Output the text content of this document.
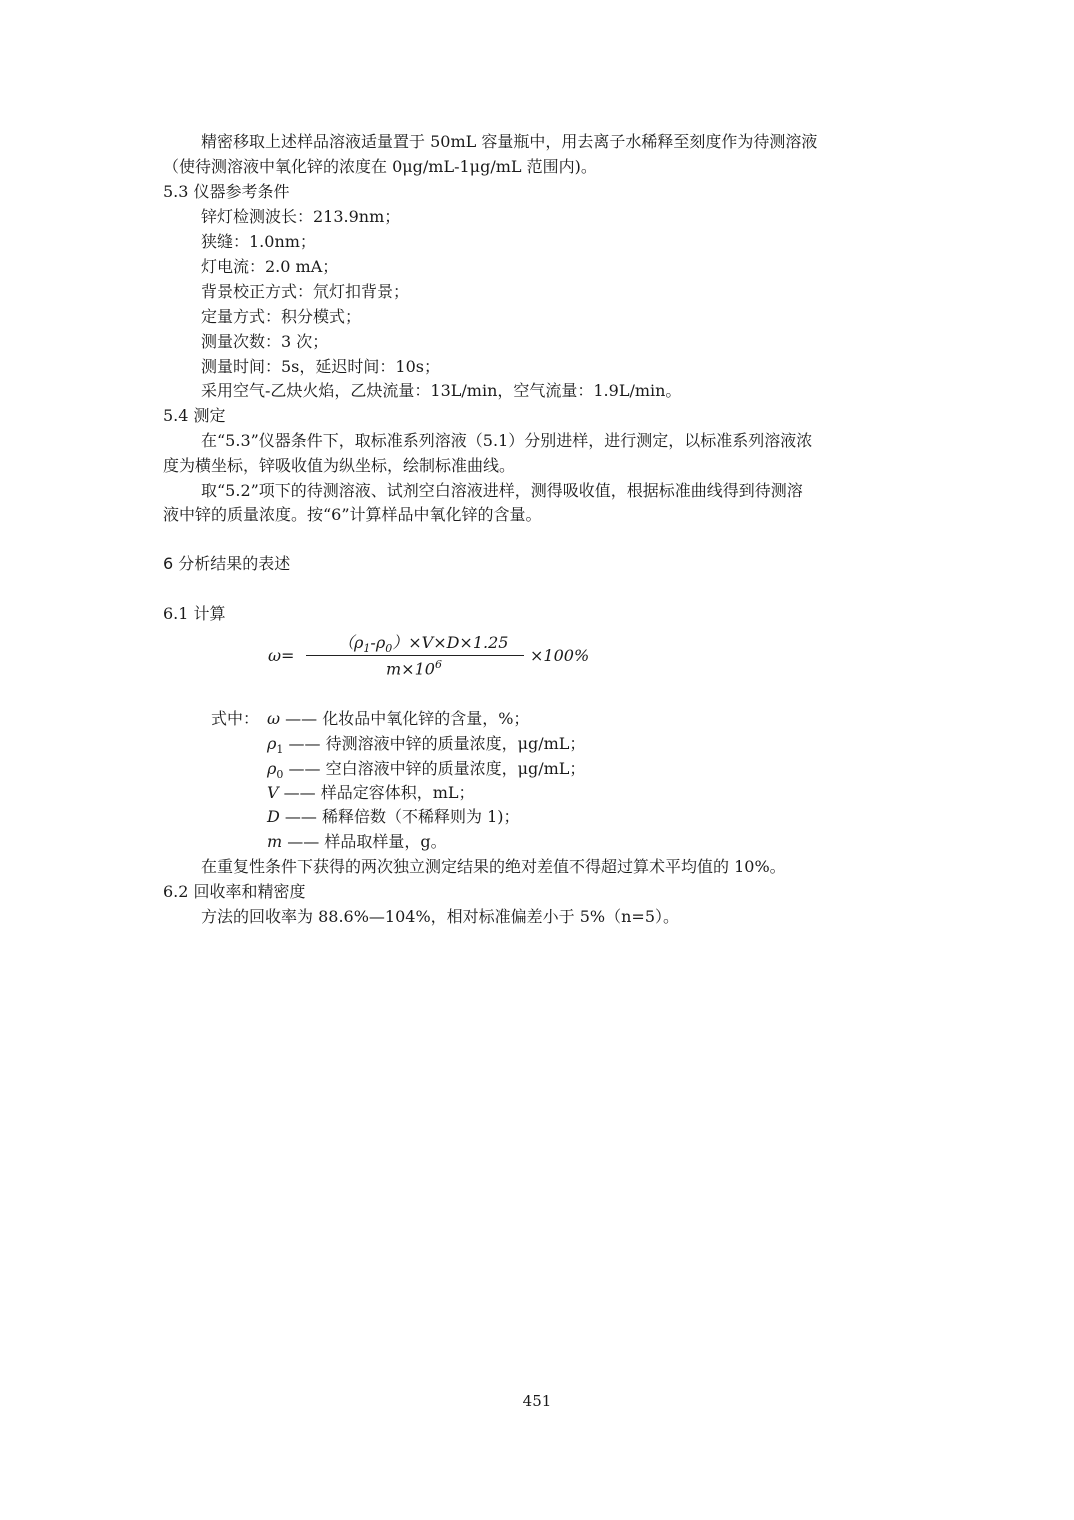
精密移取上述样品溶液适量置于 50mL 容量瓶中，用去离子水稀释至刻度作为待测溶液
（使待测溶液中氧化锌的浓度在 0μg/mL-1μg/mL 范围内)。
5.3 仪器参考条件
锌灯检测波长：213.9nm；
狭缝：1.0nm；
灯电流：2.0 mA；
背景校正方式：氘灯扣背景；
定量方式：积分模式；
测量次数：3 次；
测量时间：5s，延迟时间：10s；
采用空气-乙炔火焰，乙炔流量：13L/min，空气流量：1.9L/min。
5.4 测定
在“5.3”仪器条件下，取标准系列溶液（5.1）分别进样，进行测定，以标准系列溶液浓
度为横坐标，锌吸收值为纵坐标，绘制标准曲线。
取“5.2”项下的待测溶液、试剂空白溶液进样，测得吸收值，根据标准曲线得到待测溶
液中锌的质量浓度。按“6”计算样品中氧化锌的含量。
6 分析结果的表述
6.1 计算
ω=
$(\rho_1-\rho_0)\times V\times D\times 1.25$
$m\times 10^6$	×100%
式中： ω —— 化妆品中氧化锌的含量，%；
$\rho_1$ —— 待测溶液中锌的质量浓度，μg/mL；
$\rho_0$ —— 空白溶液中锌的质量浓度，μg/mL；
V —— 样品定容体积，mL；
D —— 稀释倍数（不稀释则为 1)；
m —— 样品取样量，g。
在重复性条件下获得的两次独立测定结果的绝对差值不得超过算术平均值的 10%。
6.2 回收率和精密度
方法的回收率为 88.6%—104%，相对标准偏差小于 5%（n=5）。
451
